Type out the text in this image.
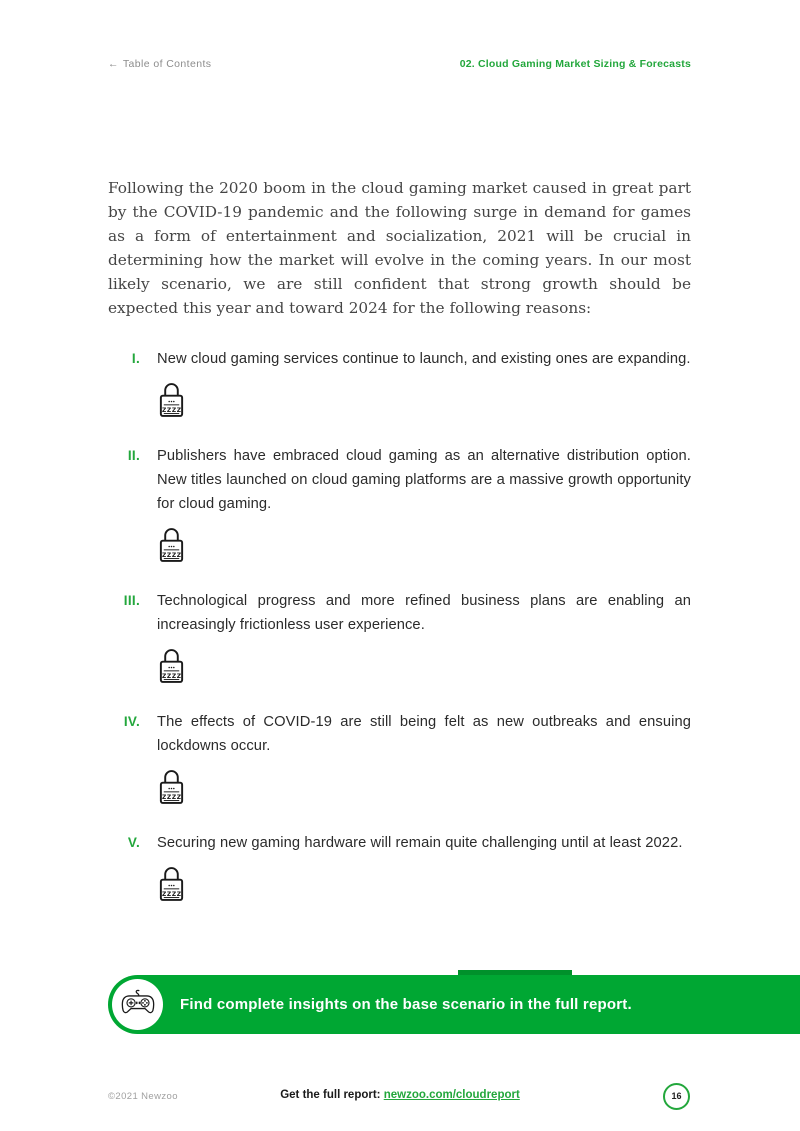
← Table of Contents	02. Cloud Gaming Market Sizing & Forecasts

Following the 2020 boom in the cloud gaming market caused in great part by the COVID-19 pandemic and the following surge in demand for games as a form of entertainment and socialization, 2021 will be crucial in determining how the market will evolve in the coming years. In our most likely scenario, we are still confident that strong growth should be expected this year and toward 2024 for the following reasons:

I. New cloud gaming services continue to launch, and existing ones are expanding.

zzzz
II. Publishers have embraced cloud gaming as an alternative distribution option. New titles launched on cloud gaming platforms are a massive growth opportunity for cloud gaming.

zzzz
III. Technological progress and more refined business plans are enabling an increasingly frictionless user experience.

zzzz
IV. The effects of COVID-19 are still being felt as new outbreaks and ensuing lockdowns occur.

zzzz
V. Securing new gaming hardware will remain quite challenging until at least 2022.

zzzz
Find complete insights on the base scenario in the full report.
©2021 Newzoo	Get the full report: newzoo.com/cloudreport	16
